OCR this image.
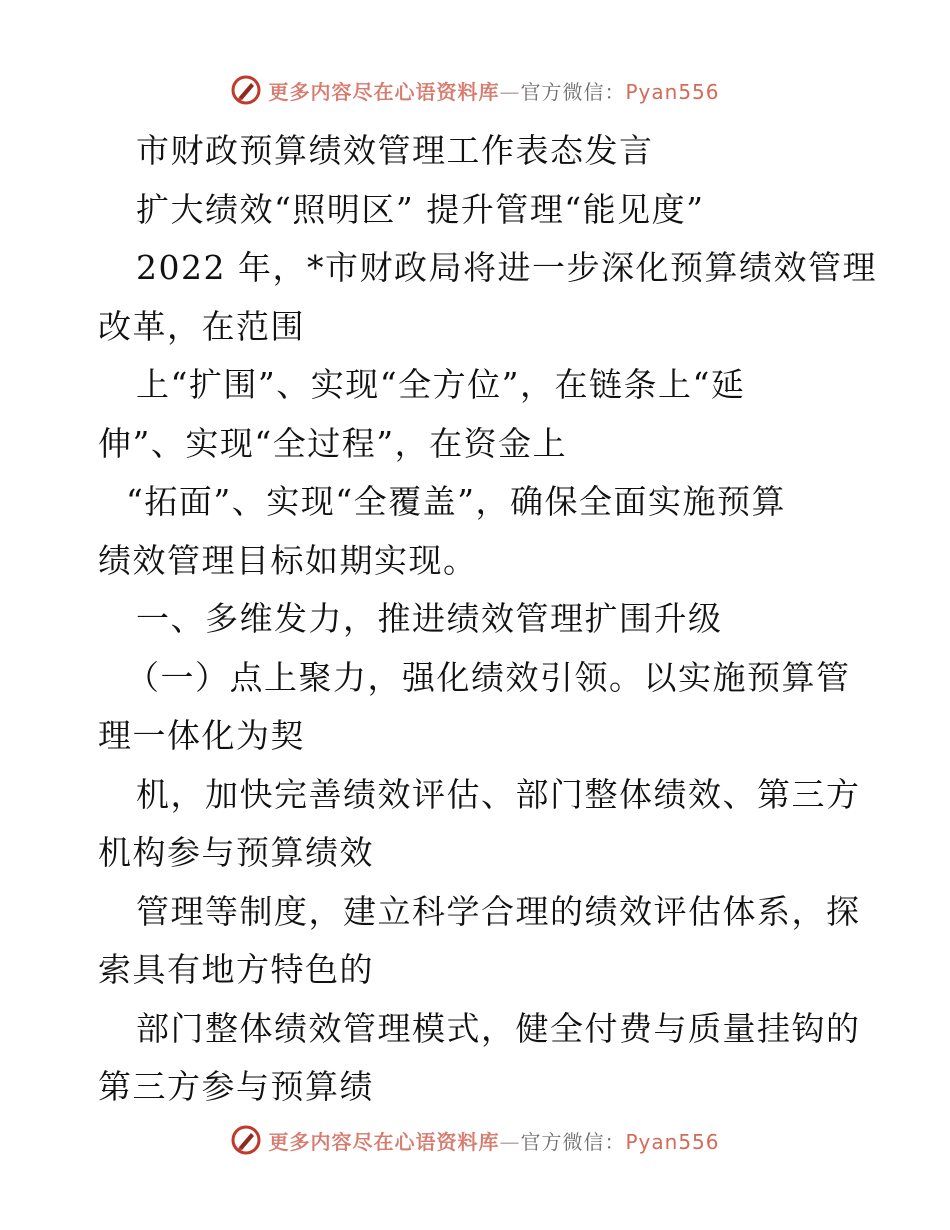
更多内容尽在心语资料库—官方微信：Pyan556
市财政预算绩效管理工作表态发言
扩大绩效“照明区” 提升管理“能见度”
2022 年，*市财政局将进一步深化预算绩效管理
改革，在范围
上“扩围”、实现“全方位”，在链条上“延
伸”、实现“全过程”，在资金上
“拓面”、实现“全覆盖”，确保全面实施预算
绩效管理目标如期实现。
一、多维发力，推进绩效管理扩围升级
（一）点上聚力，强化绩效引领。以实施预算管
理一体化为契
机，加快完善绩效评估、部门整体绩效、第三方
机构参与预算绩效
管理等制度，建立科学合理的绩效评估体系，探
索具有地方特色的
部门整体绩效管理模式，健全付费与质量挂钩的
第三方参与预算绩
更多内容尽在心语资料库—官方微信：Pyan556
